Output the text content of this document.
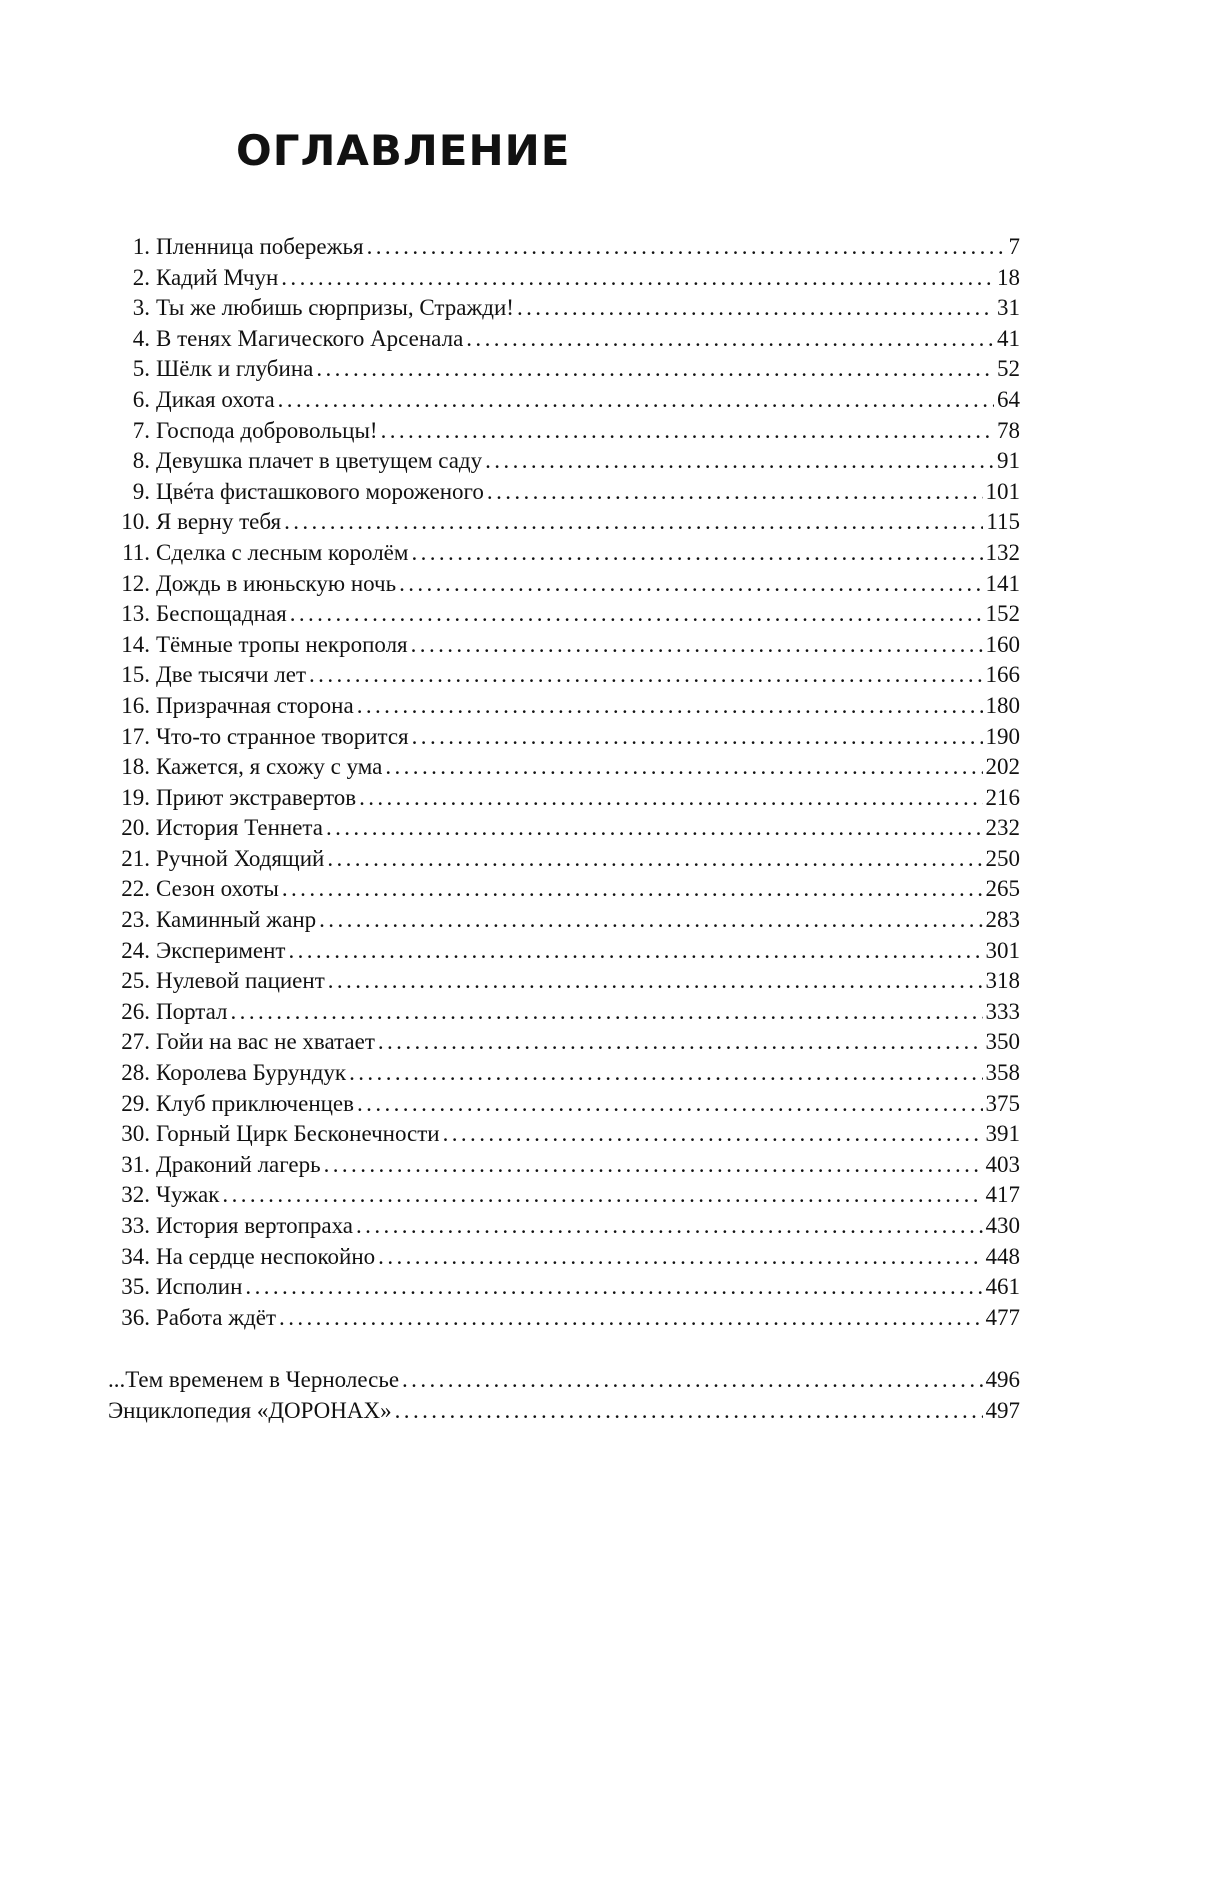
ОГЛАВЛЕНИЕ
1. Пленница побережья .....	7
2. Кадий Мчун .....	18
3. Ты же любишь сюрпризы, Стражди! .....	31
4. В тенях Магического Арсенала .....	41
5. Шёлк и глубина .....	52
6. Дикая охота .....	64
7. Господа добровольцы! .....	78
8. Девушка плачет в цветущем саду .....	91
9. Цвéта фисташкового мороженого .....	101
10. Я верну тебя .....	115
11. Сделка с лесным королём .....	132
12. Дождь в июньскую ночь .....	141
13. Беспощадная .....	152
14. Тёмные тропы некрополя .....	160
15. Две тысячи лет .....	166
16. Призрачная сторона .....	180
17. Что-то странное творится .....	190
18. Кажется, я схожу с ума .....	202
19. Приют экстравертов .....	216
20. История Теннета .....	232
21. Ручной Ходящий .....	250
22. Сезон охоты .....	265
23. Каминный жанр .....	283
24. Эксперимент .....	301
25. Нулевой пациент .....	318
26. Портал .....	333
27. Гойи на вас не хватает .....	350
28. Королева Бурундук .....	358
29. Клуб приключенцев .....	375
30. Горный Цирк Бесконечности .....	391
31. Драконий лагерь .....	403
32. Чужак .....	417
33. История вертопраха .....	430
34. На сердце неспокойно .....	448
35. Исполин .....	461
36. Работа ждёт .....	477
...Тем временем в Чернолесье .....	496
Энциклопедия «ДОРОНАХ» .....	497
